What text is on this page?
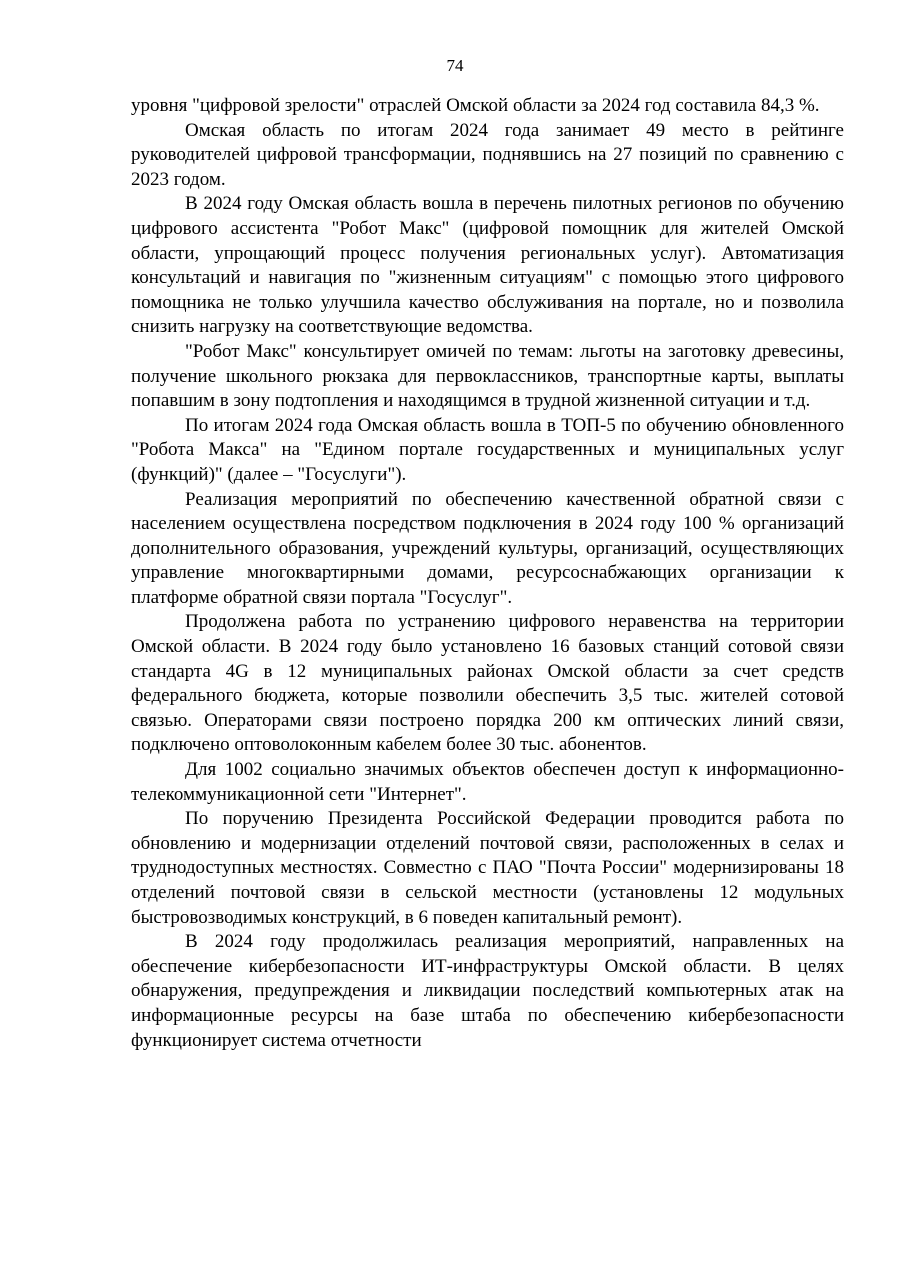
74

уровня "цифровой зрелости" отраслей Омской области за 2024 год составила 84,3 %.

Омская область по итогам 2024 года занимает 49 место в рейтинге руководителей цифровой трансформации, поднявшись на 27 позиций по сравнению с 2023 годом.

В 2024 году Омская область вошла в перечень пилотных регионов по обучению цифрового ассистента "Робот Макс" (цифровой помощник для жителей Омской области, упрощающий процесс получения региональных услуг). Автоматизация консультаций и навигация по "жизненным ситуациям" с помощью этого цифрового помощника не только улучшила качество обслуживания на портале, но и позволила снизить нагрузку на соответствующие ведомства.

"Робот Макс" консультирует омичей по темам: льготы на заготовку древесины, получение школьного рюкзака для первоклассников, транспортные карты, выплаты попавшим в зону подтопления и находящимся в трудной жизненной ситуации и т.д.

По итогам 2024 года Омская область вошла в ТОП-5 по обучению обновленного "Робота Макса" на "Едином портале государственных и муниципальных услуг (функций)" (далее – "Госуслуги").

Реализация мероприятий по обеспечению качественной обратной связи с населением осуществлена посредством подключения в 2024 году 100 % организаций дополнительного образования, учреждений культуры, организаций, осуществляющих управление многоквартирными домами, ресурсоснабжающих организации к платформе обратной связи портала "Госуслуг".

Продолжена работа по устранению цифрового неравенства на территории Омской области. В 2024 году было установлено 16 базовых станций сотовой связи стандарта 4G в 12 муниципальных районах Омской области за счет средств федерального бюджета, которые позволили обеспечить 3,5 тыс. жителей сотовой связью. Операторами связи построено порядка 200 км оптических линий связи, подключено оптоволоконным кабелем более 30 тыс. абонентов.

Для 1002 социально значимых объектов обеспечен доступ к информационно-телекоммуникационной сети "Интернет".

По поручению Президента Российской Федерации проводится работа по обновлению и модернизации отделений почтовой связи, расположенных в селах и труднодоступных местностях. Совместно с ПАО "Почта России" модернизированы 18 отделений почтовой связи в сельской местности (установлены 12 модульных быстровозводимых конструкций, в 6 поведен капитальный ремонт).

В 2024 году продолжилась реализация мероприятий, направленных на обеспечение кибербезопасности ИТ-инфраструктуры Омской области. В целях обнаружения, предупреждения и ликвидации последствий компьютерных атак на информационные ресурсы на базе штаба по обеспечению кибербезопасности функционирует система отчетности
